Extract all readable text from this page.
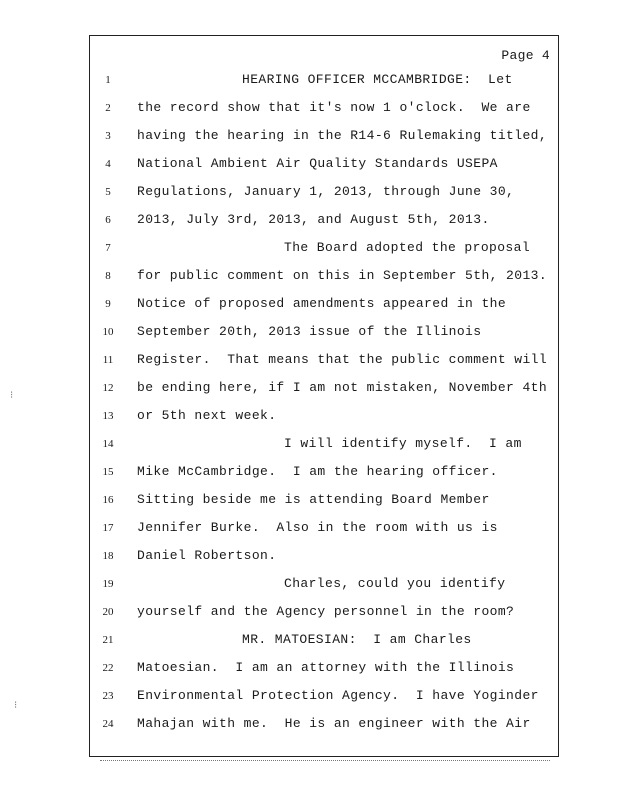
⁝
⁝
Page 4
1	HEARING OFFICER MCCAMBRIDGE:  Let
2	the record show that it's now 1 o'clock.  We are
3	having the hearing in the R14-6 Rulemaking titled,
4	National Ambient Air Quality Standards USEPA
5	Regulations, January 1, 2013, through June 30,
6	2013, July 3rd, 2013, and August 5th, 2013.
7	The Board adopted the proposal
8	for public comment on this in September 5th, 2013.
9	Notice of proposed amendments appeared in the
10	September 20th, 2013 issue of the Illinois
11	Register.  That means that the public comment will
12	be ending here, if I am not mistaken, November 4th
13	or 5th next week.
14	I will identify myself.  I am
15	Mike McCambridge.  I am the hearing officer.
16	Sitting beside me is attending Board Member
17	Jennifer Burke.  Also in the room with us is
18	Daniel Robertson.
19	Charles, could you identify
20	yourself and the Agency personnel in the room?
21	MR. MATOESIAN:  I am Charles
22	Matoesian.  I am an attorney with the Illinois
23	Environmental Protection Agency.  I have Yoginder
24	Mahajan with me.  He is an engineer with the Air
